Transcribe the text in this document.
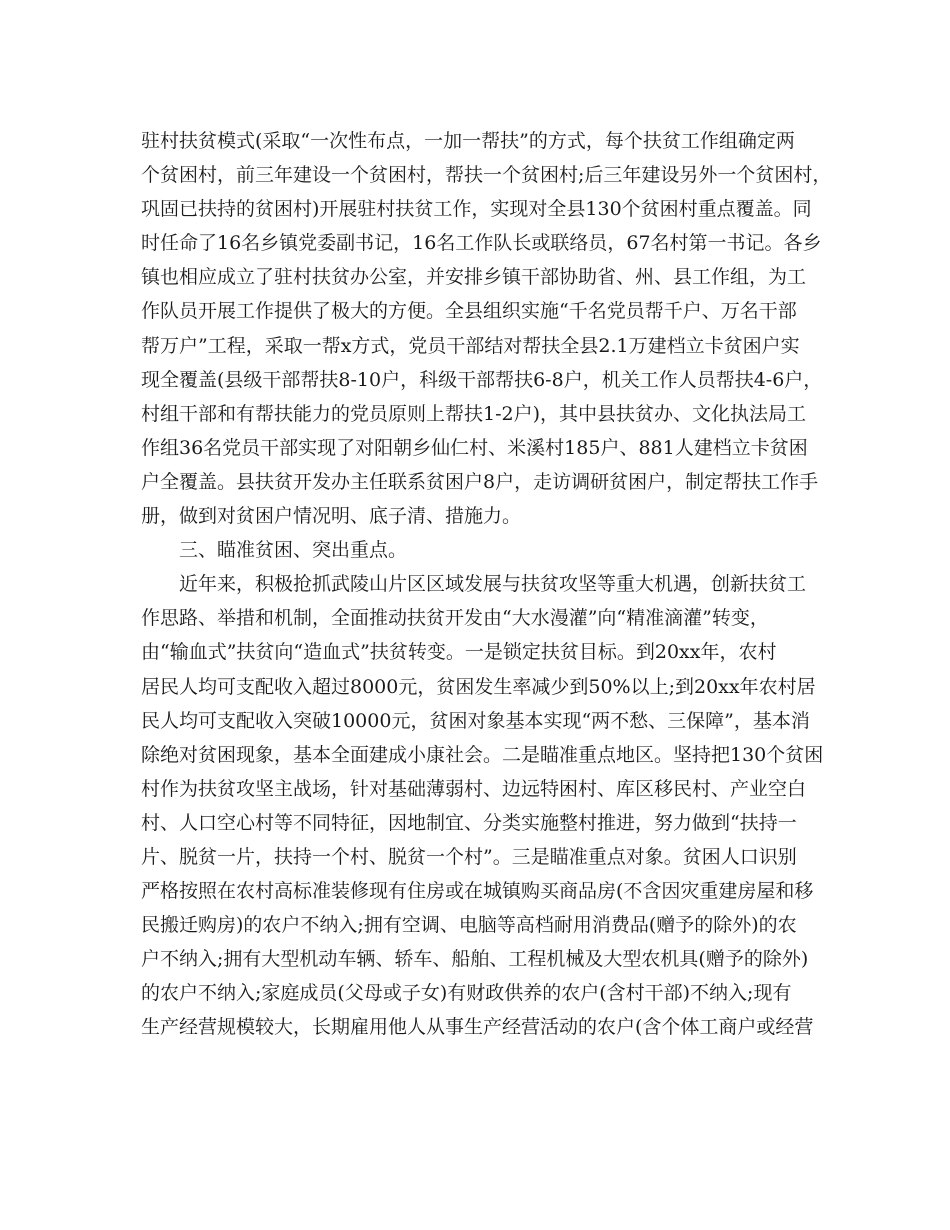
驻村扶贫模式(采取“一次性布点，一加一帮扶”的方式，每个扶贫工作组确定两
个贫困村，前三年建设一个贫困村，帮扶一个贫困村;后三年建设另外一个贫困村，
巩固已扶持的贫困村)开展驻村扶贫工作，实现对全县130个贫困村重点覆盖。同
时任命了16名乡镇党委副书记，16名工作队长或联络员，67名村第一书记。各乡
镇也相应成立了驻村扶贫办公室，并安排乡镇干部协助省、州、县工作组，为工
作队员开展工作提供了极大的方便。全县组织实施“千名党员帮千户、万名干部
帮万户”工程，采取一帮x方式，党员干部结对帮扶全县2.1万建档立卡贫困户实
现全覆盖(县级干部帮扶8-10户，科级干部帮扶6-8户，机关工作人员帮扶4-6户，
村组干部和有帮扶能力的党员原则上帮扶1-2户)，其中县扶贫办、文化执法局工
作组36名党员干部实现了对阳朝乡仙仁村、米溪村185户、881人建档立卡贫困
户全覆盖。县扶贫开发办主任联系贫困户8户，走访调研贫困户，制定帮扶工作手
册，做到对贫困户情况明、底子清、措施力。
三、瞄准贫困、突出重点。
近年来，积极抢抓武陵山片区区域发展与扶贫攻坚等重大机遇，创新扶贫工
作思路、举措和机制，全面推动扶贫开发由“大水漫灌”向“精准滴灌”转变，
由“输血式”扶贫向“造血式”扶贫转变。一是锁定扶贫目标。到20xx年，农村
居民人均可支配收入超过8000元，贫困发生率减少到50%以上;到20xx年农村居
民人均可支配收入突破10000元，贫困对象基本实现“两不愁、三保障”，基本消
除绝对贫困现象，基本全面建成小康社会。二是瞄准重点地区。坚持把130个贫困
村作为扶贫攻坚主战场，针对基础薄弱村、边远特困村、库区移民村、产业空白
村、人口空心村等不同特征，因地制宜、分类实施整村推进，努力做到“扶持一
片、脱贫一片，扶持一个村、脱贫一个村”。三是瞄准重点对象。贫困人口识别
严格按照在农村高标准装修现有住房或在城镇购买商品房(不含因灾重建房屋和移
民搬迁购房)的农户不纳入;拥有空调、电脑等高档耐用消费品(赠予的除外)的农
户不纳入;拥有大型机动车辆、轿车、船舶、工程机械及大型农机具(赠予的除外)
的农户不纳入;家庭成员(父母或子女)有财政供养的农户(含村干部)不纳入;现有
生产经营规模较大，长期雇用他人从事生产经营活动的农户(含个体工商户或经营
